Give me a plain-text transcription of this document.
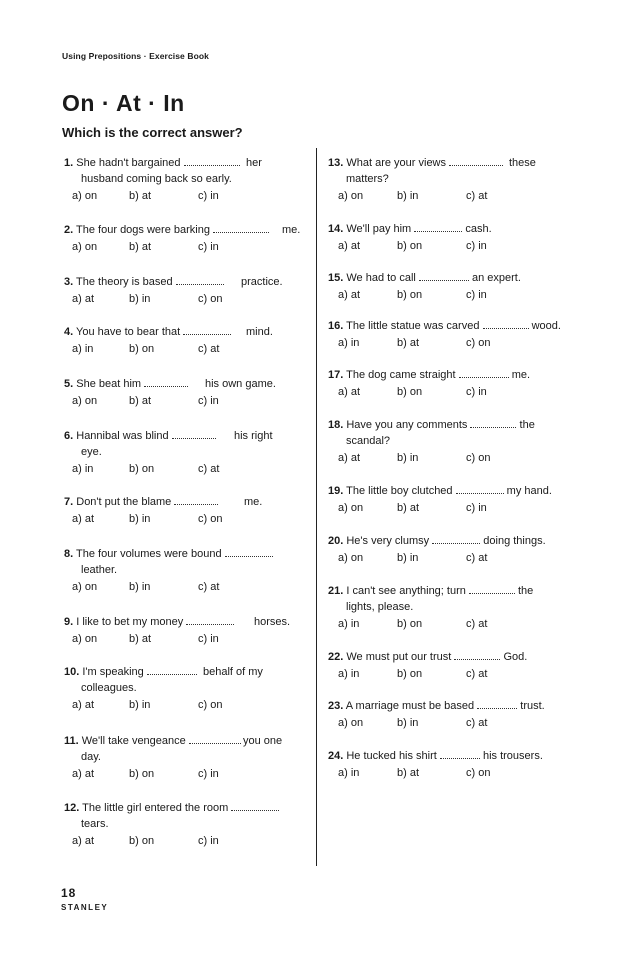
Using Prepositions · Exercise Book
On · At · In
Which is the correct answer?
1. She hadn't bargained	her
husband coming back so early.
a) on	b) at	c) in
2. The four dogs were barking	me.
a) on	b) at	c) in
3. The theory is based	practice.
a) at	b) in	c) on
4. You have to bear that	mind.
a) in	b) on	c) at
5. She beat him	his own game.
a) on	b) at	c) in
6. Hannibal was blind	his right
eye.
a) in	b) on	c) at
7. Don't put the blame	me.
a) at	b) in	c) on
8. The four volumes were bound
leather.
a) on	b) in	c) at
9. I like to bet my money	horses.
a) on	b) at	c) in
10. I'm speaking	behalf of my
colleagues.
a) at	b) in	c) on
11. We'll take vengeance	you one
day.
a) at	b) on	c) in
12. The little girl entered the room
tears.
a) at	b) on	c) in
13. What are your views	these
matters?
a) on	b) in	c) at
14. We'll pay him	cash.
a) at	b) on	c) in
15. We had to call	an expert.
a) at	b) on	c) in
16. The little statue was carved	wood.
a) in	b) at	c) on
17. The dog came straight	me.
a) at	b) on	c) in
18. Have you any comments	the
scandal?
a) at	b) in	c) on
19. The little boy clutched	my hand.
a) on	b) at	c) in
20. He's very clumsy	doing things.
a) on	b) in	c) at
21. I can't see anything; turn	the
lights, please.
a) in	b) on	c) at
22. We must put our trust	God.
a) in	b) on	c) at
23. A marriage must be based	trust.
a) on	b) in	c) at
24. He tucked his shirt	his trousers.
a) in	b) at	c) on
18
STANLEY
